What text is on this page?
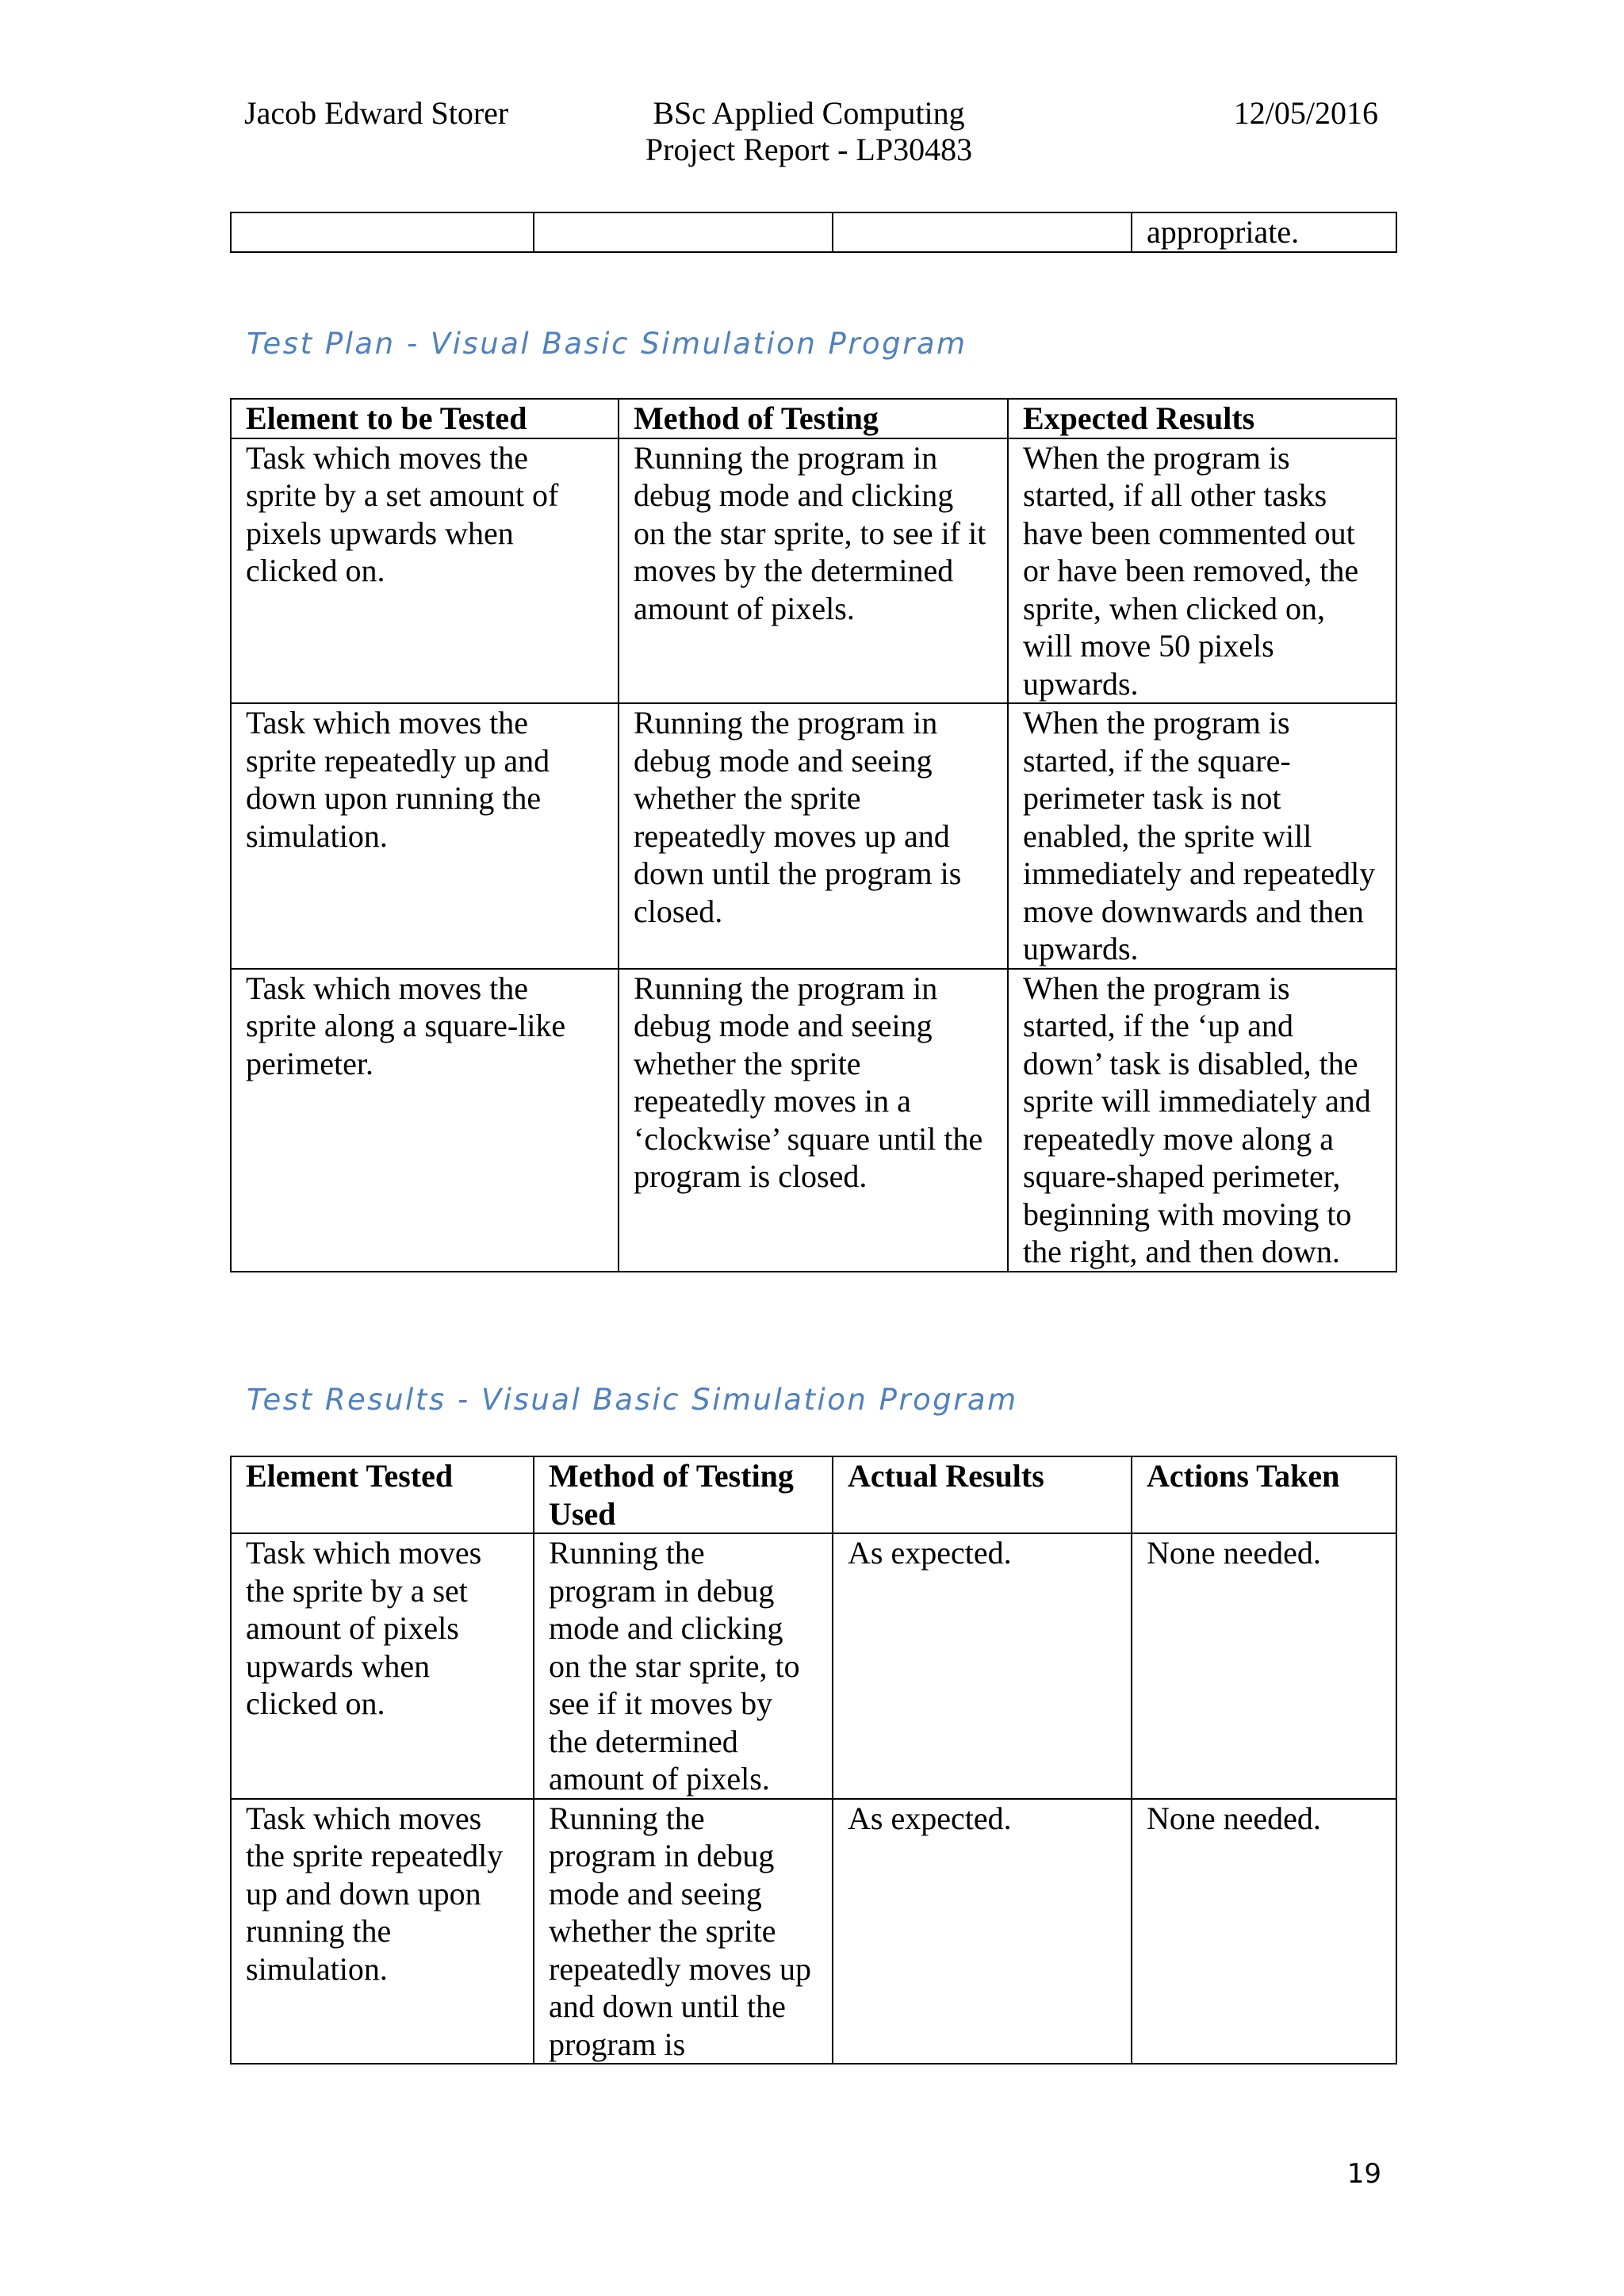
Jacob Edward Storer	BSc Applied Computing
Project Report - LP30483
12/05/2016
			appropriate.
Test Plan - Visual Basic Simulation Program
Element to be Tested	Method of Testing	Expected Results
Task which moves the sprite by a set amount of pixels upwards when clicked on.	Running the program in debug mode and clicking on the star sprite, to see if it moves by the determined amount of pixels.	When the program is started, if all other tasks have been commented out or have been removed, the sprite, when clicked on, will move 50 pixels upwards.
Task which moves the sprite repeatedly up and down upon running the simulation.	Running the program in debug mode and seeing whether the sprite repeatedly moves up and down until the program is closed.	When the program is started, if the square-perimeter task is not enabled, the sprite will immediately and repeatedly move downwards and then upwards.
Task which moves the sprite along a square-like perimeter.	Running the program in debug mode and seeing whether the sprite repeatedly moves in a ‘clockwise’ square until the program is closed.	When the program is started, if the ‘up and down’ task is disabled, the sprite will immediately and repeatedly move along a square-shaped perimeter, beginning with moving to the right, and then down.
Test Results - Visual Basic Simulation Program
Element Tested	Method of Testing Used	Actual Results	Actions Taken
Task which moves the sprite by a set amount of pixels upwards when clicked on.	Running the program in debug mode and clicking on the star sprite, to see if it moves by the determined amount of pixels.	As expected.	None needed.
Task which moves the sprite repeatedly up and down upon running the simulation.	Running the program in debug mode and seeing whether the sprite repeatedly moves up and down until the program is	As expected.	None needed.
19
